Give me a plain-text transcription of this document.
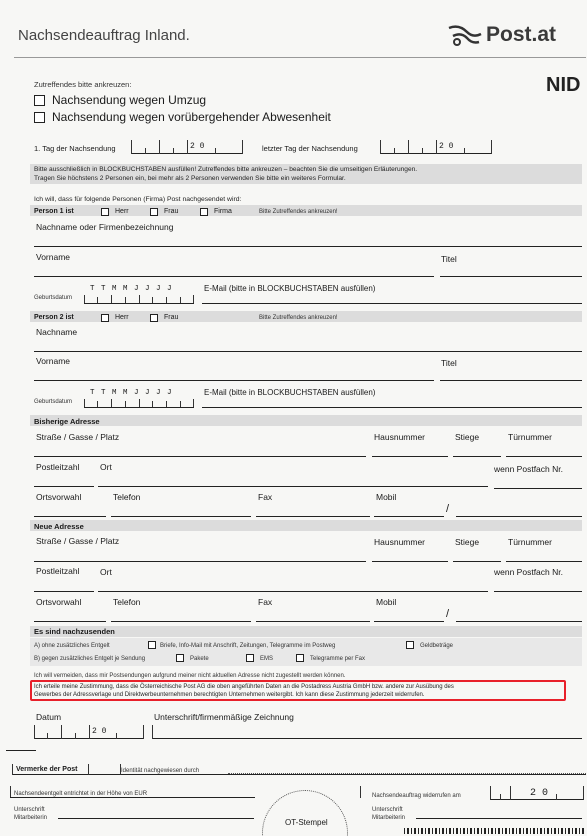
Nachsendeauftrag Inland.	Post.at
NID
Zutreffendes bitte ankreuzen:
Nachsendung wegen Umzug
Nachsendung wegen vorübergehender Abwesenheit
1. Tag der Nachsendung	2 0	letzter Tag der Nachsendung	2 0
Bitte ausschließlich in BLOCKBUCHSTABEN ausfüllen! Zutreffendes bitte ankreuzen – beachten Sie die umseitigen Erläuterungen.
Tragen Sie höchstens 2 Personen ein, bei mehr als 2 Personen verwenden Sie bitte ein weiteres Formular.
Ich will, dass für folgende Personen (Firma) Post nachgesendet wird:
Person 1 ist	Herr	Frau	Firma	Bitte Zutreffendes ankreuzen!
Nachname oder Firmenbezeichnung
Vorname	Titel
T T M M J J J J	E-Mail (bitte in BLOCKBUCHSTABEN ausfüllen)
Geburtsdatum
Person 2 ist	Herr	Frau	Bitte Zutreffendes ankreuzen!
Nachname
Vorname	Titel
T T M M J J J J	E-Mail (bitte in BLOCKBUCHSTABEN ausfüllen)
Geburtsdatum
Bisherige Adresse
Straße / Gasse / Platz	Hausnummer	Stiege	Türnummer
Postleitzahl Ort	wenn Postfach Nr.
Ortsvorwahl	Telefon	Fax	Mobil
/
Neue Adresse
Straße / Gasse / Platz	Hausnummer	Stiege	Türnummer
Postleitzahl Ort	wenn Postfach Nr.
Ortsvorwahl	Telefon	Fax	Mobil
/
Es sind nachzusenden
A) ohne zusätzliches Entgelt	Briefe, Info-Mail mit Anschrift, Zeitungen, Telegramme im Postweg	Geldbeträge
B) gegen zusätzliches Entgelt je Sendung	Pakete	EMS	Telegramme per Fax
Ich will vermeiden, dass mir Postsendungen aufgrund meiner nicht aktuellen Adresse nicht zugestellt werden können.
Ich erteile meine Zustimmung, dass die Österreichische Post AG die oben angeführten Daten an die Postadress Austria GmbH bzw. andere zur Ausübung des
Gewerbes der Adressverlage und Direktwerbeunternehmen berechtigten Unternehmen weitergibt. Ich kann diese Zustimmung jederzeit widerrufen.
Datum	Unterschrift/firmenmäßige Zeichnung
2 0
Vermerke der Post	Identität nachgewiesen durch
Nachsendeentgelt entrichtet in der Höhe von EUR
Unterschrift
Mitarbeiterin	OT-Stempel
Nachsendeauftrag widerrufen am	2 0
Unterschrift
Mitarbeiterin
